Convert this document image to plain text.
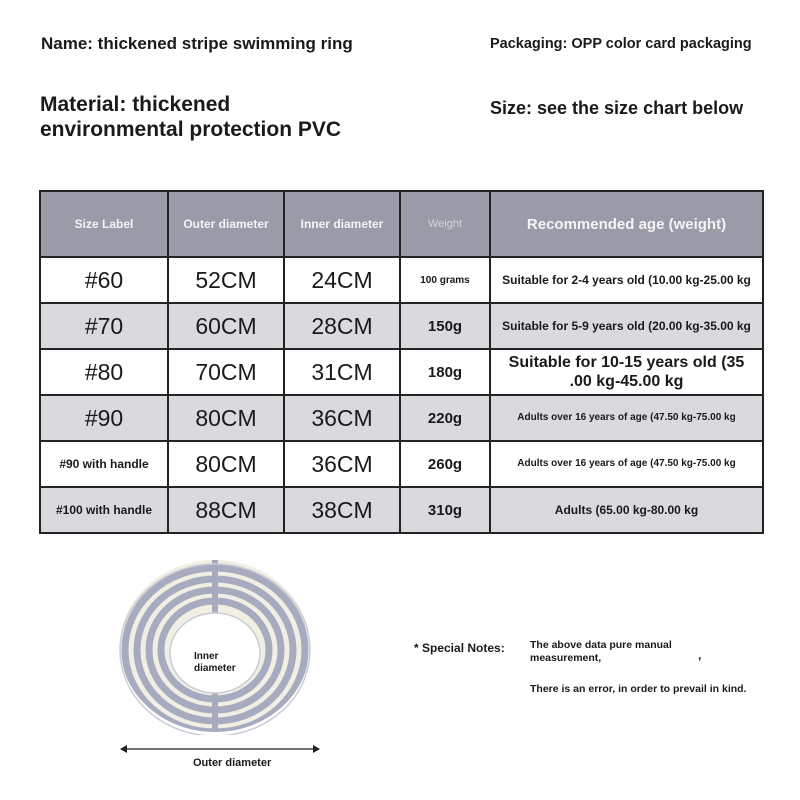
Name: thickened stripe swimming ring	Packaging: OPP color card packaging
Material: thickened
environmental protection PVC
Size: see the size chart below
Size Label	Outer diameter	Inner diameter	Weight	Recommended age (weight)
#60	52CM	24CM	100 grams	Suitable for 2-4 years old (10.00 kg-25.00 kg
#70	60CM	28CM	150g	Suitable for 5-9 years old (20.00 kg-35.00 kg
#80	70CM	31CM	180g	Suitable for 10-15 years old (35 .00 kg-45.00 kg
#90	80CM	36CM	220g	Adults over 16 years of age (47.50 kg-75.00 kg
#90 with handle	80CM	36CM	260g	Adults over 16 years of age (47.50 kg-75.00 kg
#100 with handle	88CM	38CM	310g	Adults (65.00 kg-80.00 kg
Inner
diameter
Outer diameter
* Special Notes: The above data pure manual measurement,	,
There is an error, in order to prevail in kind.
